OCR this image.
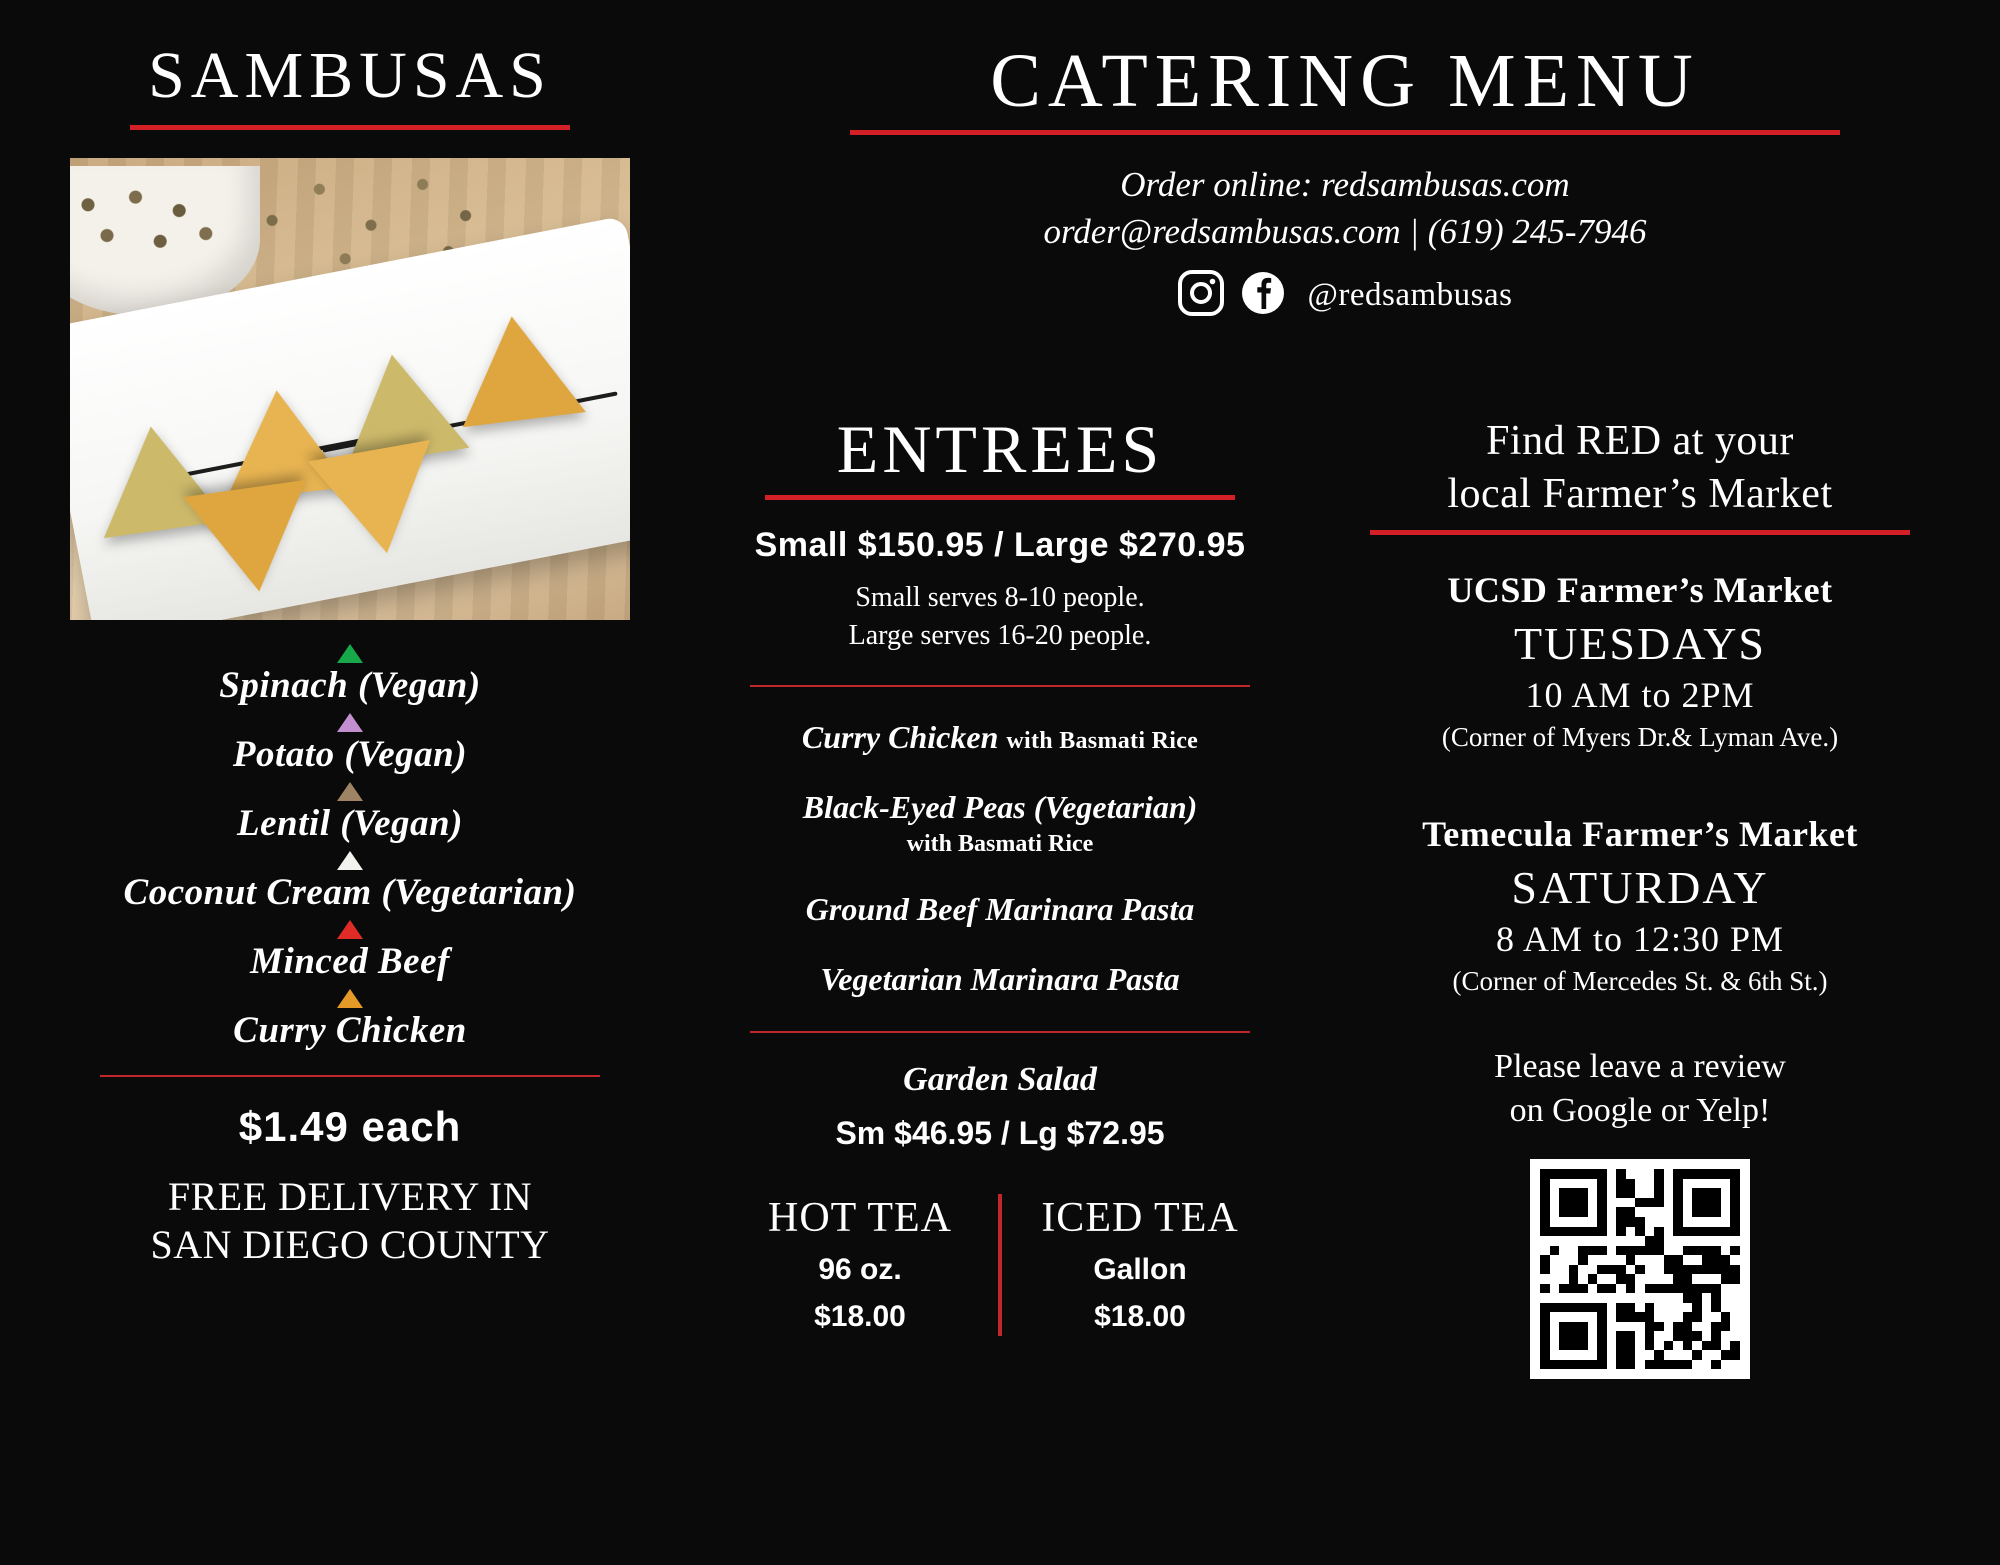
SAMBUSAS
Spinach (Vegan)
Potato (Vegan)
Lentil (Vegan)
Coconut Cream (Vegetarian)
Minced Beef
Curry Chicken
$1.49 each
FREE DELIVERY IN
SAN DIEGO COUNTY
CATERING MENU
Order online: redsambusas.com
order@redsambusas.com | (619) 245-7946
@redsambusas
ENTREES
Small $150.95 / Large $270.95
Small serves 8-10 people.
Large serves 16-20 people.
Curry Chicken with Basmati Rice
Black-Eyed Peas (Vegetarian)
with Basmati Rice
Ground Beef Marinara Pasta
Vegetarian Marinara Pasta
Garden Salad
Sm $46.95 / Lg $72.95
HOT TEA
96 oz.
$18.00
ICED TEA
Gallon
$18.00
Find RED at your
local Farmer’s Market
UCSD Farmer’s Market
TUESDAYS
10 AM to 2PM
(Corner of Myers Dr.& Lyman Ave.)
Temecula Farmer’s Market
SATURDAY
8 AM to 12:30 PM
(Corner of Mercedes St. & 6th St.)
Please leave a review
on Google or Yelp!
